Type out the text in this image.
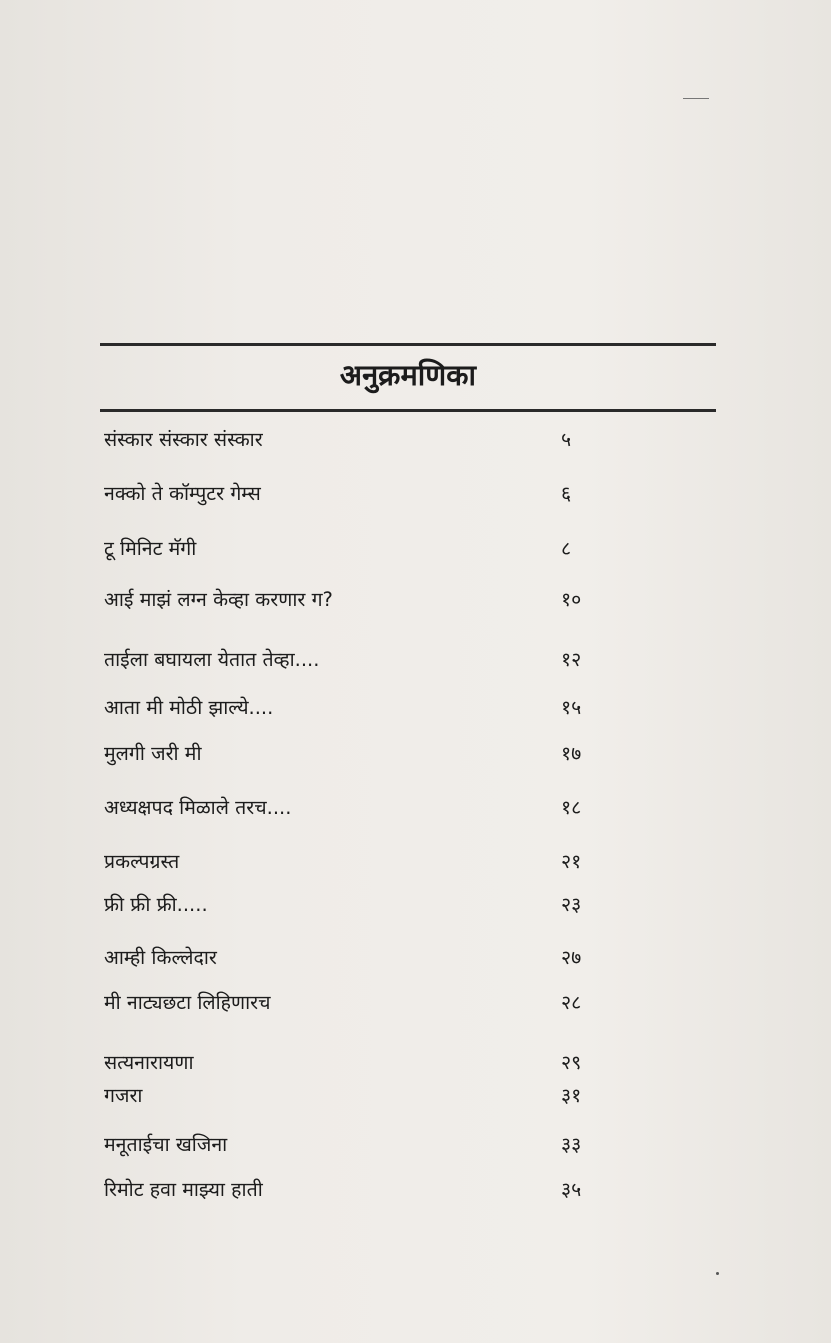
अनुक्रमणिका
संस्कार संस्कार संस्कार	५
नक्को ते कॉम्पुटर गेम्स	६
टू मिनिट मॅगी	८
आई माझं लग्न केव्हा करणार ग?	१०
ताईला बघायला येतात तेव्हा....	१२
आता मी मोठी झाल्ये....	१५
मुलगी जरी मी	१७
अध्यक्षपद मिळाले तरच....	१८
प्रकल्पग्रस्त	२१
फ्री फ्री फ्री.....	२३
आम्ही किल्लेदार	२७
मी नाट्यछटा लिहिणारच	२८
सत्यनारायणा	२९
गजरा	३१
मनूताईचा खजिना	३३
रिमोट हवा माझ्या हाती	३५
